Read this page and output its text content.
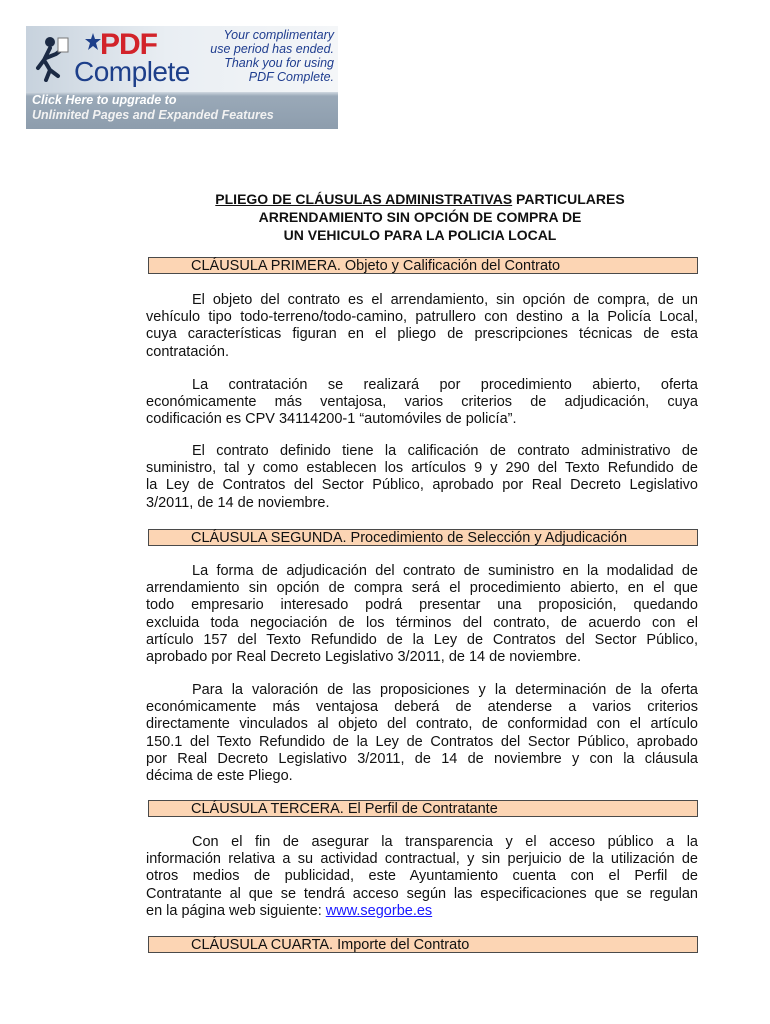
PDF
Complete
Your complimentary
use period has ended.
Thank you for using
PDF Complete.
Click Here to upgrade to
Unlimited Pages and Expanded Features
PLIEGO DE CLÁUSULAS ADMINISTRATIVAS PARTICULARES
ARRENDAMIENTO SIN OPCIÓN DE COMPRA DE
UN VEHICULO PARA LA POLICIA LOCAL
CLÁUSULA PRIMERA. Objeto y Calificación del Contrato
El objeto del contrato es el arrendamiento, sin opción de compra, de un
vehículo tipo todo-terreno/todo-camino, patrullero con destino a la Policía Local,
cuya características figuran en el pliego de prescripciones técnicas de esta
contratación.
La contratación se realizará por procedimiento abierto, oferta
económicamente más ventajosa, varios criterios de adjudicación, cuya
codificación es CPV 34114200-1 “automóviles de policía”.
El contrato definido tiene la calificación de contrato administrativo de
suministro, tal y como establecen los artículos 9 y 290 del Texto Refundido de
la Ley de Contratos del Sector Público, aprobado por Real Decreto Legislativo
3/2011, de 14 de noviembre.
CLÁUSULA SEGUNDA. Procedimiento de Selección y Adjudicación
La forma de adjudicación del contrato de suministro en la modalidad de
arrendamiento sin opción de compra será el procedimiento abierto, en el que
todo empresario interesado podrá presentar una proposición, quedando
excluida toda negociación de los términos del contrato, de acuerdo con el
artículo 157 del Texto Refundido de la Ley de Contratos del Sector Público,
aprobado por Real Decreto Legislativo 3/2011, de 14 de noviembre.
Para la valoración de las proposiciones y la determinación de la oferta
económicamente más ventajosa deberá de atenderse a varios criterios
directamente vinculados al objeto del contrato, de conformidad con el artículo
150.1 del Texto Refundido de la Ley de Contratos del Sector Público, aprobado
por Real Decreto Legislativo 3/2011, de 14 de noviembre y con la cláusula
décima de este Pliego.
CLÁUSULA TERCERA. El Perfil de Contratante
Con el fin de asegurar la transparencia y el acceso público a la
información relativa a su actividad contractual, y sin perjuicio de la utilización de
otros medios de publicidad, este Ayuntamiento cuenta con el Perfil de
Contratante al que se tendrá acceso según las especificaciones que se regulan
en la página web siguiente: www.segorbe.es
CLÁUSULA CUARTA. Importe del Contrato
